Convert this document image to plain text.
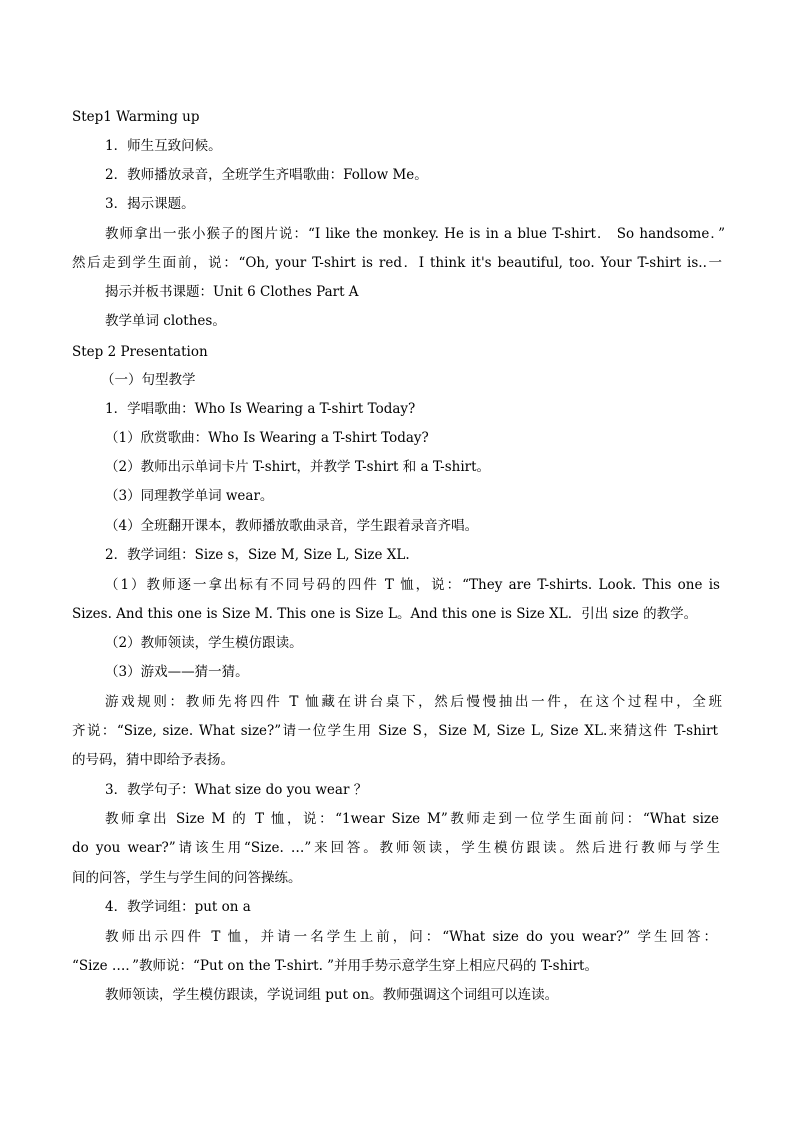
Step1 Warming up
1．师生互致问候。
2．教师播放录音，全班学生齐唱歌曲：Follow Me。
3．揭示课题。
教师拿出一张小猴子的图片说：“I like the monkey. He is in a blue T-shirt． So handsome．”
然后走到学生面前，说：“Oh, your T-shirt is red．I think it's beautiful, too. Your T-shirt is..一
揭示并板书课题：Unit 6 Clothes Part A
教学单词 clothes。
Step 2 Presentation
（一）句型教学
1．学唱歌曲：Who Is Wearing a T-shirt Today?
（1）欣赏歌曲：Who Is Wearing a T-shirt Today?
（2）教师出示单词卡片 T-shirt，并教学 T-shirt 和 a T-shirt。
（3）同理教学单词 wear。
（4）全班翻开课本，教师播放歌曲录音，学生跟着录音齐唱。
2．教学词组：Size s，Size M, Size L, Size XL.
（1）教师逐一拿出标有不同号码的四件 T 恤，说：“They are T-shirts. Look. This one is
Sizes. And this one is Size M. This one is Size L。And this one is Size XL．引出 size 的教学。
（2）教师领读，学生模仿跟读。
（3）游戏——猜一猜。
游戏规则：教师先将四件 T 恤藏在讲台桌下，然后慢慢抽出一件，在这个过程中，全班
齐说：“Size, size. What size?”请一位学生用 Size S，Size M, Size L, Size XL.来猜这件 T-shirt
的号码，猜中即给予表扬。
3．教学句子：What size do you wear ？
教师拿出 Size M 的 T 恤，说：“1wear Size M”教师走到一位学生面前问：“What size
do you wear?”请该生用“Size. …”来回答。教师领读，学生模仿跟读。然后进行教师与学生
间的问答，学生与学生间的问答操练。
4．教学词组：put on a
教师出示四件 T 恤，并请一名学生上前，问：“What size do you wear?” 学生回答：
“Size …．”教师说：“Put on the T-shirt. ”并用手势示意学生穿上相应尺码的 T-shirt。
教师领读，学生模仿跟读，学说词组 put on。教师强调这个词组可以连读。
